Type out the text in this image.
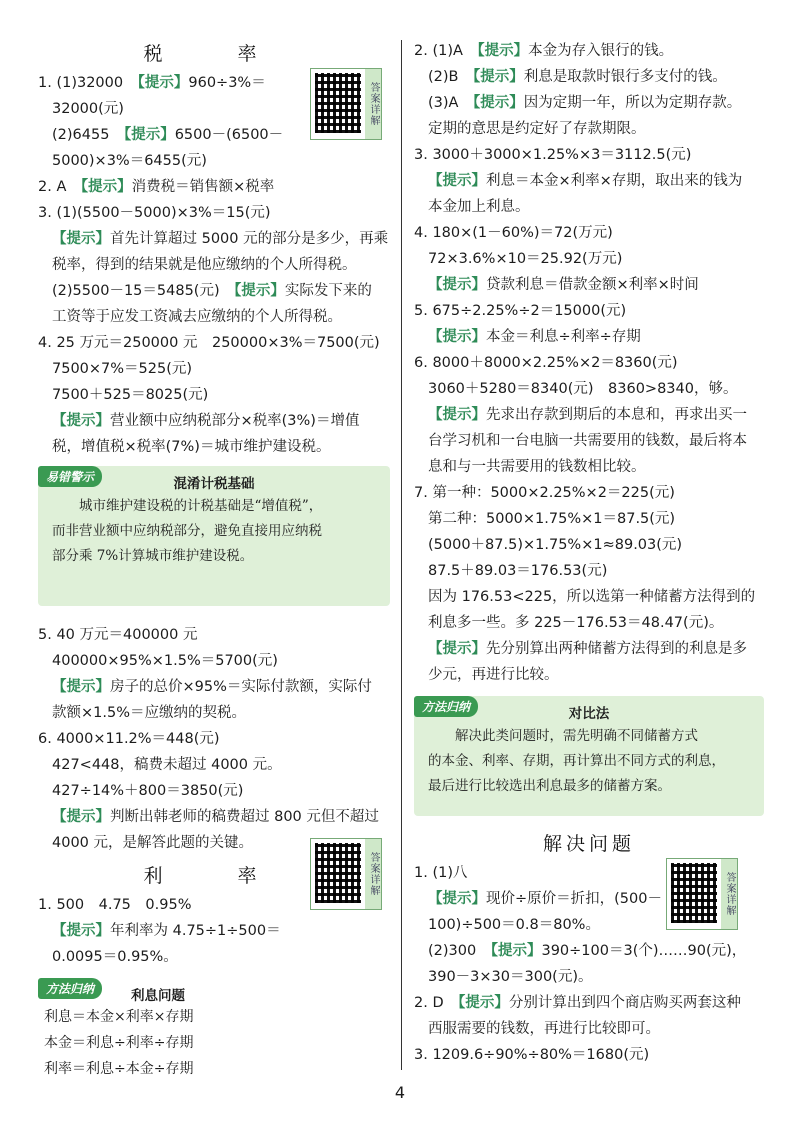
税　率
1. (1)32000　【提示】960÷3%＝
32000(元)
(2)6455　【提示】6500－(6500－
5000)×3%＝6455(元)
2. A　【提示】消费税＝销售额×税率
3. (1)(5500－5000)×3%＝15(元)
【提示】首先计算超过 5000 元的部分是多少，再乘
税率，得到的结果就是他应缴纳的个人所得税。
(2)5500－15＝5485(元)　【提示】实际发下来的
工资等于应发工资减去应缴纳的个人所得税。
4. 25 万元＝250000 元　250000×3%＝7500(元)
7500×7%＝525(元)
7500＋525＝8025(元)
【提示】营业额中应纳税部分×税率(3%)＝增值
税，增值税×税率(7%)＝城市维护建设税。
易错警示	混淆计税基础
城市维护建设税的计税基础是“增值税”，
而非营业额中应纳税部分，避免直接用应纳税
部分乘 7%计算城市维护建设税。
5. 40 万元＝400000 元
400000×95%×1.5%＝5700(元)
【提示】房子的总价×95%＝实际付款额，实际付
款额×1.5%＝应缴纳的契税。
6. 4000×11.2%＝448(元)
427<448，稿费未超过 4000 元。
427÷14%＋800＝3850(元)
【提示】判断出韩老师的稿费超过 800 元但不超过
4000 元，是解答此题的关键。
利　率
1. 500　4.75　0.95%
【提示】年利率为 4.75÷1÷500＝
0.0095＝0.95%。
方法归纳	利息问题
利息＝本金×利率×存期
本金＝利息÷利率÷存期
利率＝利息÷本金÷存期
答案详解
答案详解
2. (1)A　【提示】本金为存入银行的钱。
(2)B　【提示】利息是取款时银行多支付的钱。
(3)A　【提示】因为定期一年，所以为定期存款。
定期的意思是约定好了存款期限。
3. 3000＋3000×1.25%×3＝3112.5(元)
【提示】利息＝本金×利率×存期，取出来的钱为
本金加上利息。
4. 180×(1－60%)＝72(万元)
72×3.6%×10＝25.92(万元)
【提示】贷款利息＝借款金额×利率×时间
5. 675÷2.25%÷2＝15000(元)
【提示】本金＝利息÷利率÷存期
6. 8000＋8000×2.25%×2＝8360(元)
3060＋5280＝8340(元)　8360>8340，够。
【提示】先求出存款到期后的本息和，再求出买一
台学习机和一台电脑一共需要用的钱数，最后将本
息和与一共需要用的钱数相比较。
7. 第一种：5000×2.25%×2＝225(元)
第二种：5000×1.75%×1＝87.5(元)
(5000＋87.5)×1.75%×1≈89.03(元)
87.5＋89.03＝176.53(元)
因为 176.53<225，所以选第一种储蓄方法得到的
利息多一些。多 225－176.53＝48.47(元)。
【提示】先分别算出两种储蓄方法得到的利息是多
少元，再进行比较。
方法归纳	对比法
解决此类问题时，需先明确不同储蓄方式
的本金、利率、存期，再计算出不同方式的利息，
最后进行比较选出利息最多的储蓄方案。
解决问题
1. (1)八
【提示】现价÷原价＝折扣，(500－
100)÷500＝0.8＝80%。
(2)300　【提示】390÷100＝3(个)……90(元)，
390－3×30＝300(元)。
2. D　【提示】分别计算出到四个商店购买两套这种
西服需要的钱数，再进行比较即可。
3. 1209.6÷90%÷80%＝1680(元)
答案详解
4
